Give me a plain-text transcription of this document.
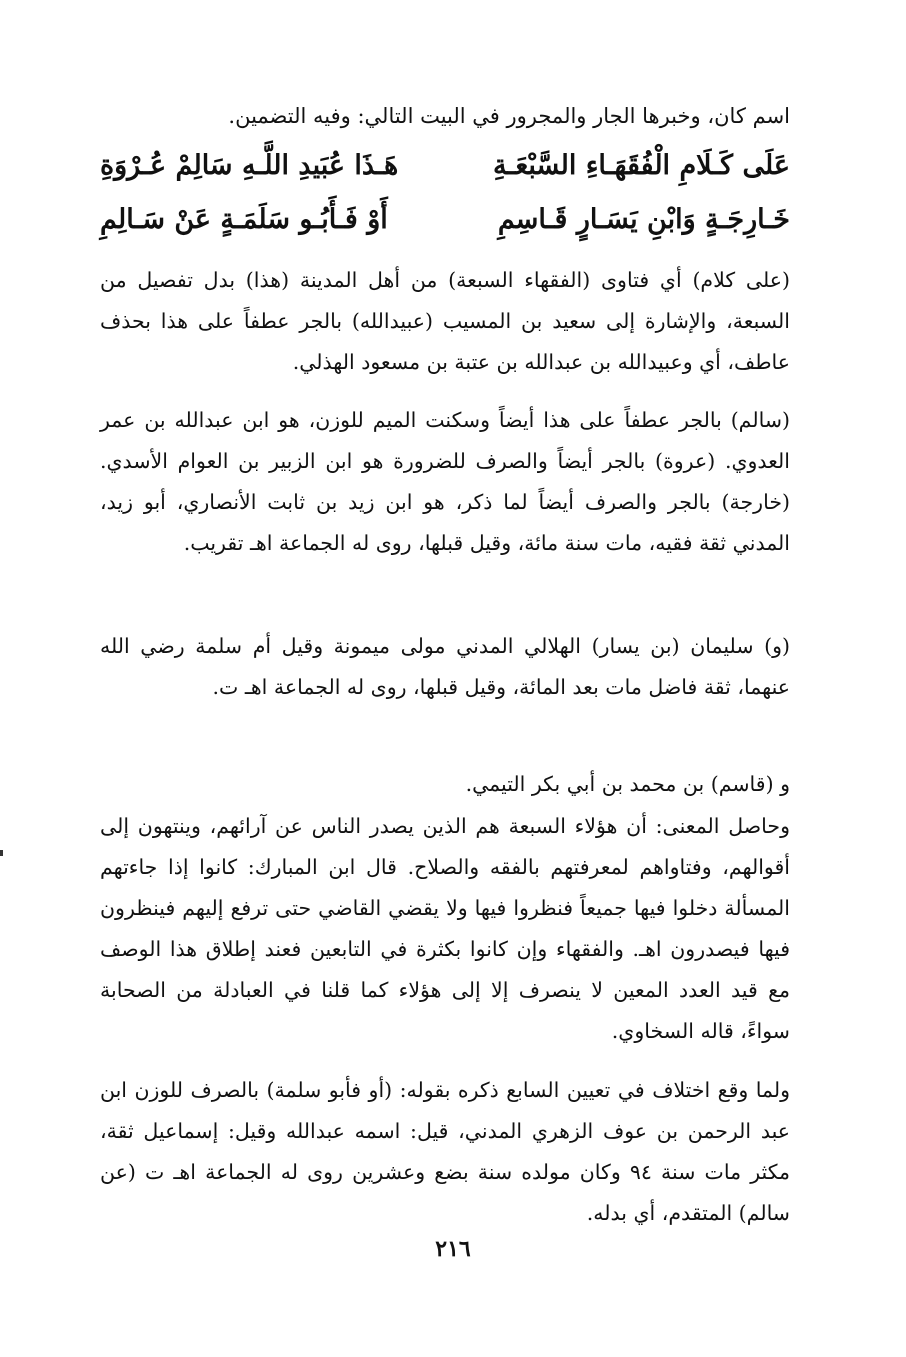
اسم كان، وخبرها الجار والمجرور في البيت التالي: وفيه التضمين.
عَلَى كَـلَامِ الْفُقَهَـاءِ السَّبْعَـةِ
هَـذَا عُبَيدِ اللَّـهِ سَالِمْ عُـرْوَةِ
خَـارِجَـةٍ وَابْنِ يَسَـارٍ قَـاسِمِ
أَوْ فَـأَبُـو سَلَمَـةٍ عَنْ سَـالِمِ

(على كلام) أي فتاوى (الفقهاء السبعة) من أهل المدينة (هذا) بدل تفصيل من السبعة، والإشارة إلى سعيد بن المسيب (عبيدالله) بالجر عطفاً على هذا بحذف عاطف، أي وعبيدالله بن عبدالله بن عتبة بن مسعود الهذلي.

(سالم) بالجر عطفاً على هذا أيضاً وسكنت الميم للوزن، هو ابن عبدالله بن عمر العدوي. (عروة) بالجر أيضاً والصرف للضرورة هو ابن الزبير بن العوام الأسدي. (خارجة) بالجر والصرف أيضاً لما ذكر، هو ابن زيد بن ثابت الأنصاري، أبو زيد، المدني ثقة فقيه، مات سنة مائة، وقيل قبلها، روى له الجماعة اهـ تقريب.

(و) سليمان (بن يسار) الهلالي المدني مولى ميمونة وقيل أم سلمة رضي الله عنهما، ثقة فاضل مات بعد المائة، وقيل قبلها، روى له الجماعة اهـ ت.

و (قاسم) بن محمد بن أبي بكر التيمي.

وحاصل المعنى: أن هؤلاء السبعة هم الذين يصدر الناس عن آرائهم، وينتهون إلى أقوالهم، وفتاواهم لمعرفتهم بالفقه والصلاح. قال ابن المبارك: كانوا إذا جاءتهم المسألة دخلوا فيها جميعاً فنظروا فيها ولا يقضي القاضي حتى ترفع إليهم فينظرون فيها فيصدرون اهـ. والفقهاء وإن كانوا بكثرة في التابعين فعند إطلاق هذا الوصف مع قيد العدد المعين لا ينصرف إلا إلى هؤلاء كما قلنا في العبادلة من الصحابة سواءً، قاله السخاوي.

ولما وقع اختلاف في تعيين السابع ذكره بقوله: (أو فأبو سلمة) بالصرف للوزن ابن عبد الرحمن بن عوف الزهري المدني، قيل: اسمه عبدالله وقيل: إسماعيل ثقة، مكثر مات سنة ٩٤ وكان مولده سنة بضع وعشرين روى له الجماعة اهـ ت (عن سالم) المتقدم، أي بدله.

٢١٦
